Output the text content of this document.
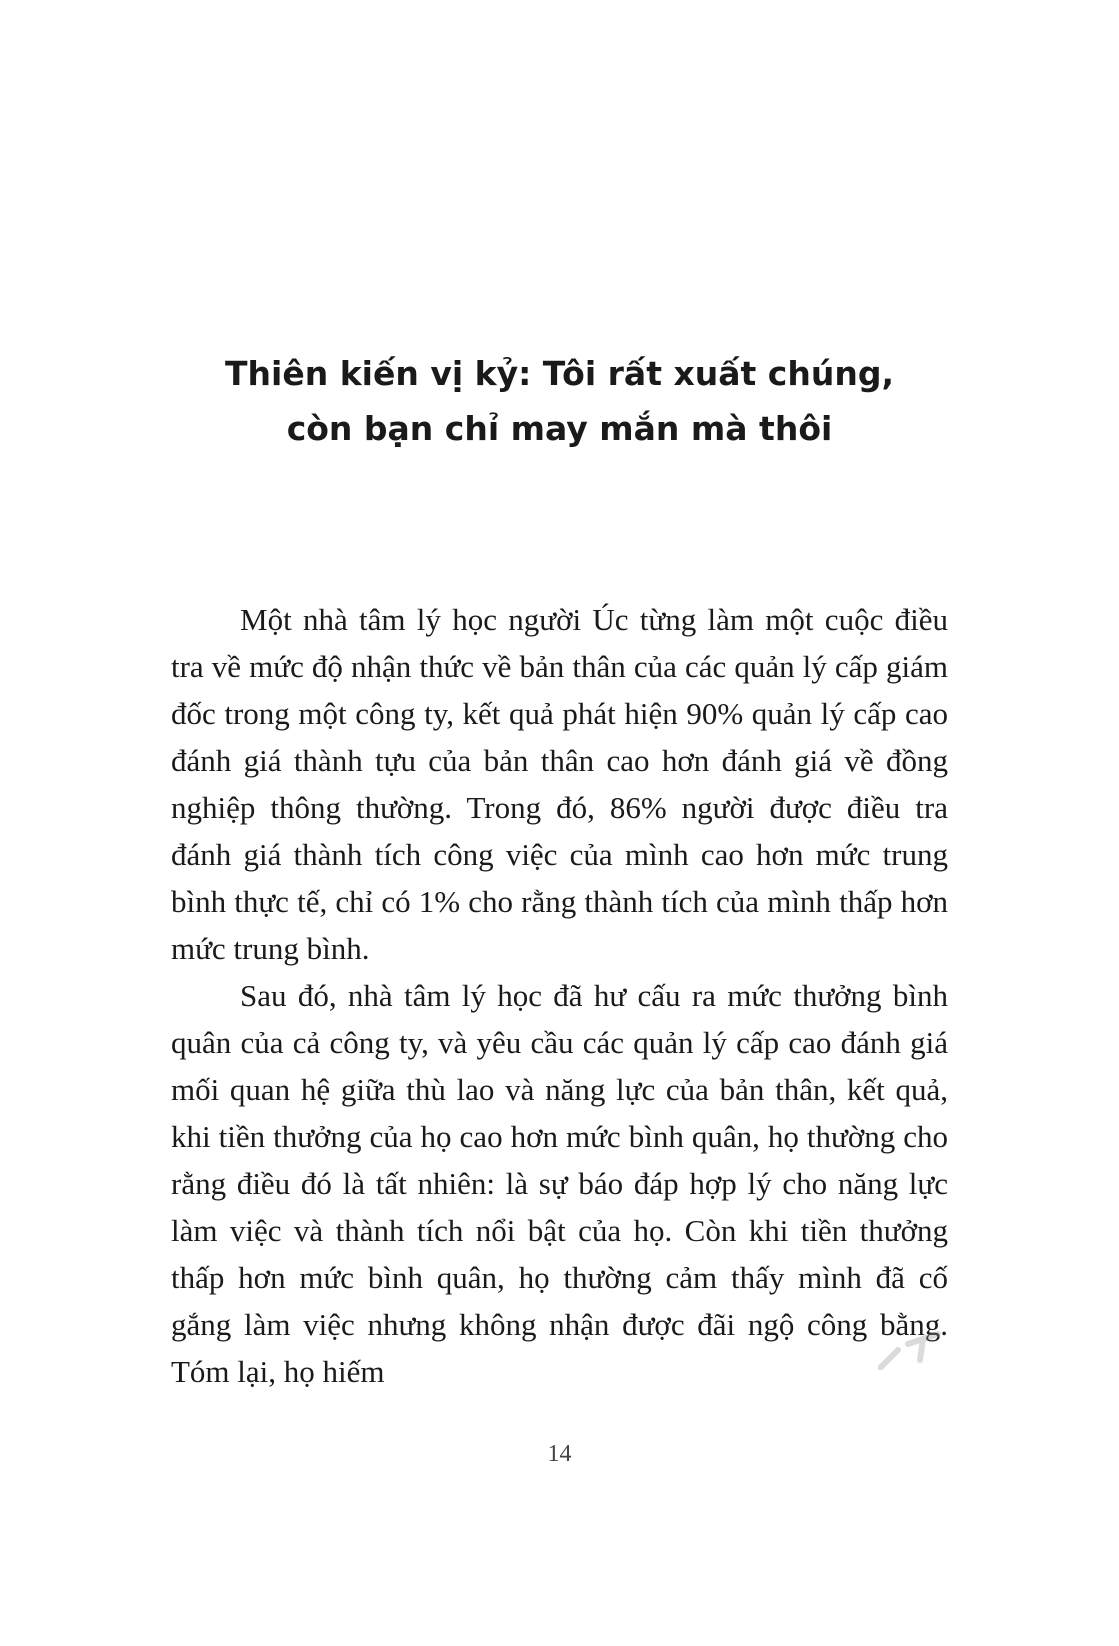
Thiên kiến vị kỷ: Tôi rất xuất chúng,
còn bạn chỉ may mắn mà thôi

Một nhà tâm lý học người Úc từng làm một cuộc điều tra về mức độ nhận thức về bản thân của các quản lý cấp giám đốc trong một công ty, kết quả phát hiện 90% quản lý cấp cao đánh giá thành tựu của bản thân cao hơn đánh giá về đồng nghiệp thông thường. Trong đó, 86% người được điều tra đánh giá thành tích công việc của mình cao hơn mức trung bình thực tế, chỉ có 1% cho rằng thành tích của mình thấp hơn mức trung bình.

Sau đó, nhà tâm lý học đã hư cấu ra mức thưởng bình quân của cả công ty, và yêu cầu các quản lý cấp cao đánh giá mối quan hệ giữa thù lao và năng lực của bản thân, kết quả, khi tiền thưởng của họ cao hơn mức bình quân, họ thường cho rằng điều đó là tất nhiên: là sự báo đáp hợp lý cho năng lực làm việc và thành tích nổi bật của họ. Còn khi tiền thưởng thấp hơn mức bình quân, họ thường cảm thấy mình đã cố gắng làm việc nhưng không nhận được đãi ngộ công bằng. Tóm lại, họ hiếm

14
